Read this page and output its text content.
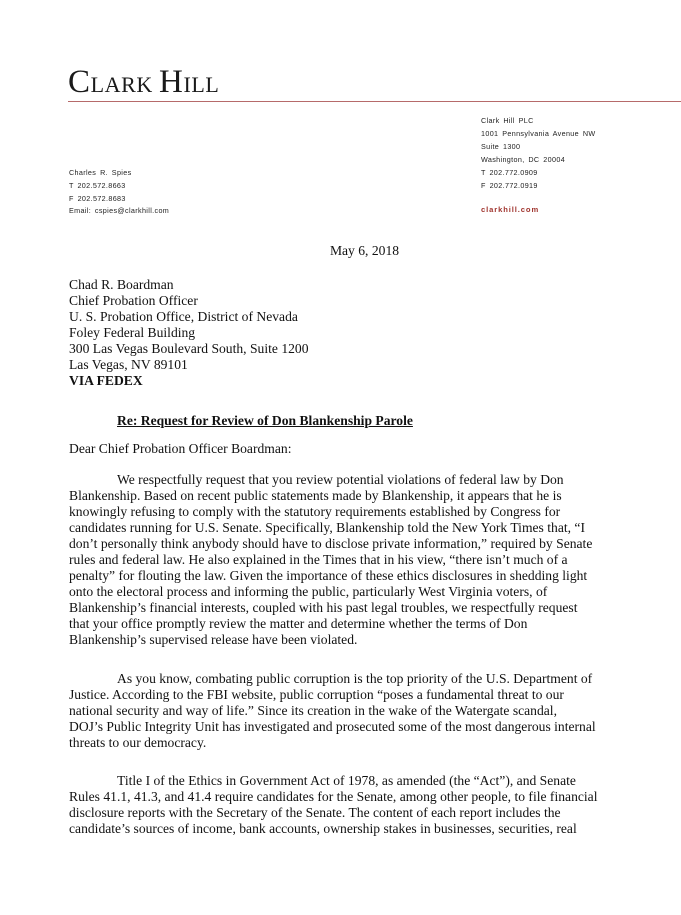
CLARK HILL
Clark Hill PLC
1001 Pennsylvania Avenue NW
Suite 1300
Washington, DC 20004
T 202.772.0909
F 202.772.0919
clarkhill.com
Charles R. Spies
T 202.572.8663
F 202.572.8683
Email: cspies@clarkhill.com
May 6, 2018
Chad R. Boardman
Chief Probation Officer
U. S. Probation Office, District of Nevada
Foley Federal Building
300 Las Vegas Boulevard South, Suite 1200
Las Vegas, NV 89101
VIA FEDEX
Re: Request for Review of Don Blankenship Parole
Dear Chief Probation Officer Boardman:
We respectfully request that you review potential violations of federal law by Don
Blankenship. Based on recent public statements made by Blankenship, it appears that he is
knowingly refusing to comply with the statutory requirements established by Congress for
candidates running for U.S. Senate. Specifically, Blankenship told the New York Times that, “I
don’t personally think anybody should have to disclose private information,” required by Senate
rules and federal law. He also explained in the Times that in his view, “there isn’t much of a
penalty” for flouting the law. Given the importance of these ethics disclosures in shedding light
onto the electoral process and informing the public, particularly West Virginia voters, of
Blankenship’s financial interests, coupled with his past legal troubles, we respectfully request
that your office promptly review the matter and determine whether the terms of Don
Blankenship’s supervised release have been violated.
As you know, combating public corruption is the top priority of the U.S. Department of
Justice. According to the FBI website, public corruption “poses a fundamental threat to our
national security and way of life.” Since its creation in the wake of the Watergate scandal,
DOJ’s Public Integrity Unit has investigated and prosecuted some of the most dangerous internal
threats to our democracy.
Title I of the Ethics in Government Act of 1978, as amended (the “Act”), and Senate
Rules 41.1, 41.3, and 41.4 require candidates for the Senate, among other people, to file financial
disclosure reports with the Secretary of the Senate. The content of each report includes the
candidate’s sources of income, bank accounts, ownership stakes in businesses, securities, real
